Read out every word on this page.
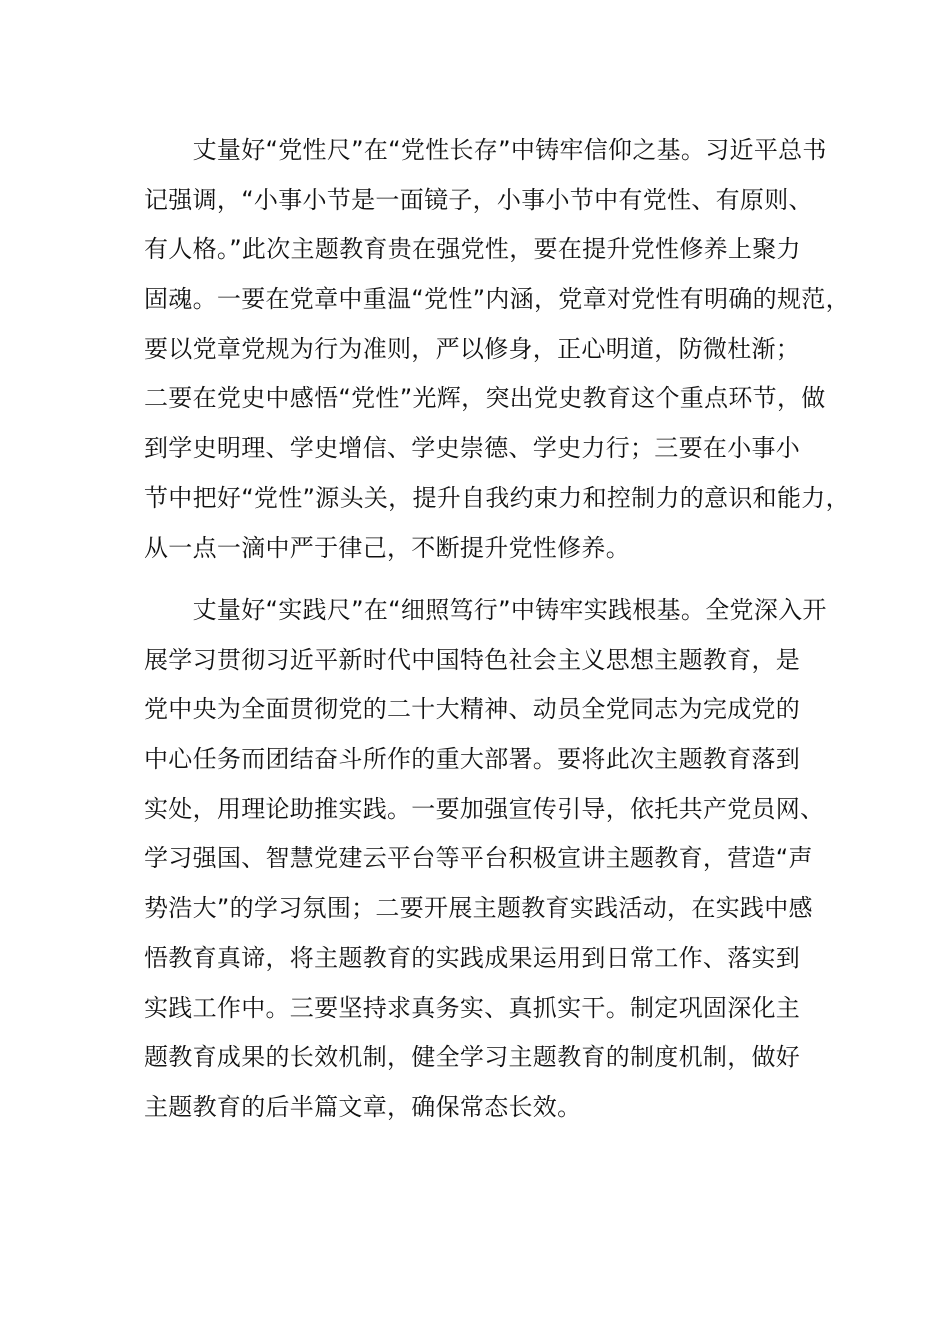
　　丈量好“党性尺”在“党性长存”中铸牢信仰之基。习近平总书
记强调，“小事小节是一面镜子，小事小节中有党性、有原则、
有人格。”此次主题教育贵在强党性，要在提升党性修养上聚力
固魂。一要在党章中重温“党性”内涵，党章对党性有明确的规范，
要以党章党规为行为准则，严以修身，正心明道，防微杜渐；
二要在党史中感悟“党性”光辉，突出党史教育这个重点环节，做
到学史明理、学史增信、学史崇德、学史力行；三要在小事小
节中把好“党性”源头关，提升自我约束力和控制力的意识和能力，
从一点一滴中严于律己，不断提升党性修养。
　　丈量好“实践尺”在“细照笃行”中铸牢实践根基。全党深入开
展学习贯彻习近平新时代中国特色社会主义思想主题教育，是
党中央为全面贯彻党的二十大精神、动员全党同志为完成党的
中心任务而团结奋斗所作的重大部署。要将此次主题教育落到
实处，用理论助推实践。一要加强宣传引导，依托共产党员网、
学习强国、智慧党建云平台等平台积极宣讲主题教育，营造“声
势浩大”的学习氛围；二要开展主题教育实践活动，在实践中感
悟教育真谛，将主题教育的实践成果运用到日常工作、落实到
实践工作中。三要坚持求真务实、真抓实干。制定巩固深化主
题教育成果的长效机制，健全学习主题教育的制度机制，做好
主题教育的后半篇文章，确保常态长效。
